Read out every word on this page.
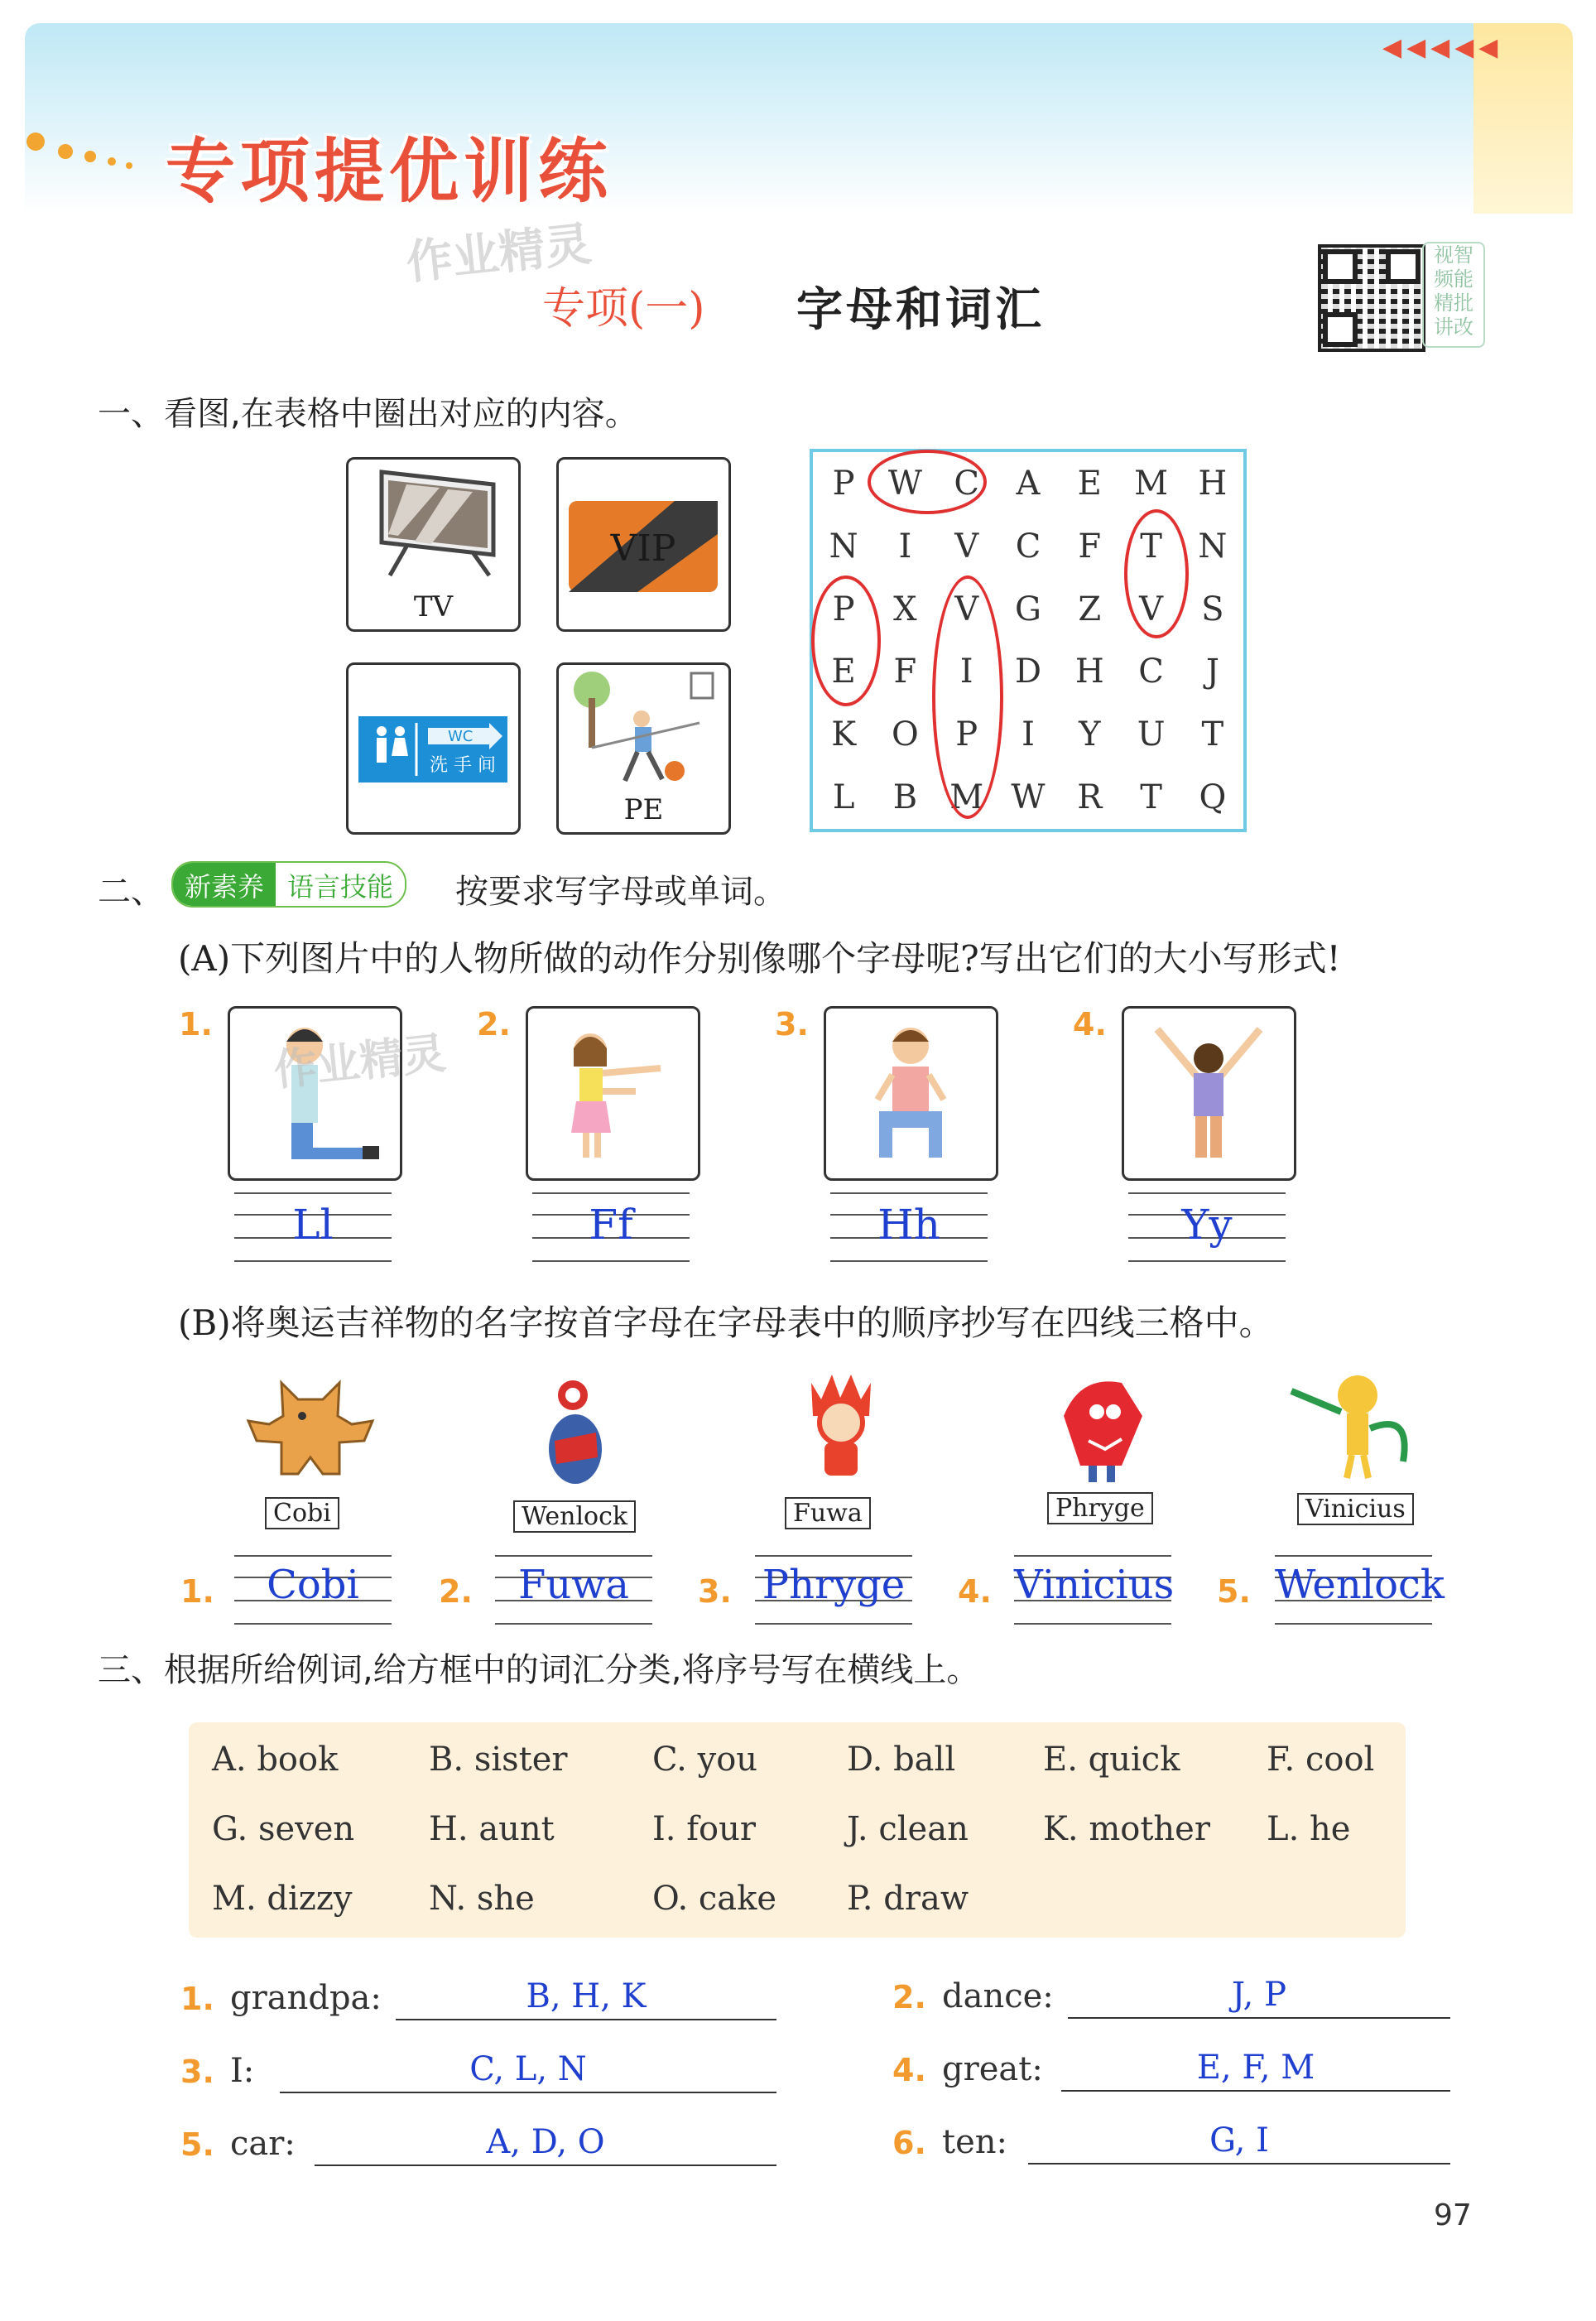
◀◀◀◀◀
专项提优训练
作业精灵
专项(一) 字母和词汇
视智
频能
精批
讲改
一、看图,在表格中圈出对应的内容。
TV
VIP
WC
洗 手 间
PE
P	W C	A	E M H
N	I	V	C	F	T	N
P	X	V	G	Z	V	S
E	F	I	D	H	C	J
K	O	P	I	Y	U	T
L	B M W R	T	Q
二、 新素养 语言技能	按要求写字母或单词。
(A)下列图片中的人物所做的动作分别像哪个字母呢?写出它们的大小写形式!
1.
作业精灵
Ll
2.
Ff
3.
Hh
4.
Yy
(B)将奥运吉祥物的名字按首字母在字母表中的顺序抄写在四线三格中。
Cobi	Wenlock	Fuwa	Phryge	Vinicius
1.	Cobi	2.	Fuwa	3. Phryge 4. Vinicius 5. Wenlock
三、根据所给例词,给方框中的词汇分类,将序号写在横线上。
A. book	B. sister	C. you	D. ball	E. quick	F. cool
G. seven H. aunt	I. four	J. clean K. mother L. he
M. dizzy N. she	O. cake P. draw
1. grandpa:	B, H, K	2. dance:	J, P
3. I:	C, L, N	4. great:	E, F, M
5. car:	A, D, O	6. ten:	G, I
97
